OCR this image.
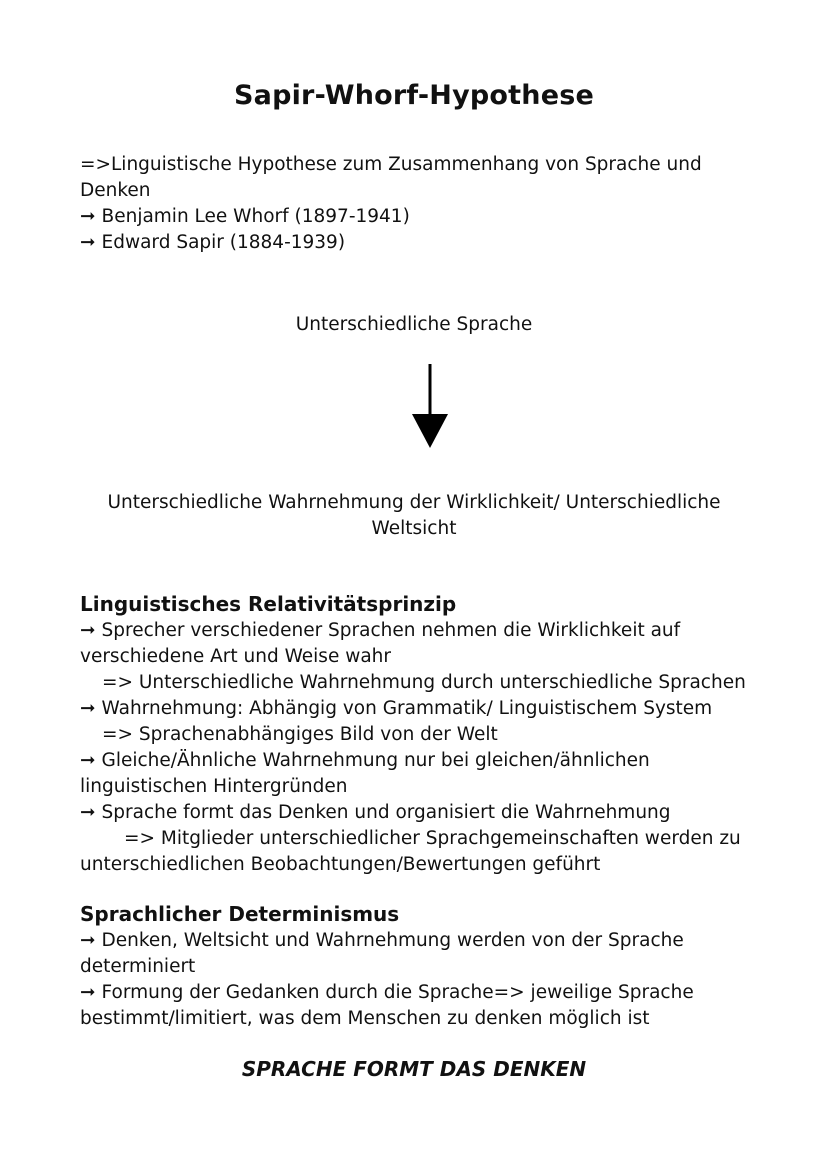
Sapir-Whorf-Hypothese
=>Linguistische Hypothese zum Zusammenhang von Sprache und Denken
➞ Benjamin Lee Whorf (1897-1941)
➞ Edward Sapir (1884-1939)
Unterschiedliche Sprache
Unterschiedliche Wahrnehmung der Wirklichkeit/ Unterschiedliche Weltsicht
Linguistisches Relativitätsprinzip
➞ Sprecher verschiedener Sprachen nehmen die Wirklichkeit auf verschiedene Art und Weise wahr
=> Unterschiedliche Wahrnehmung durch unterschiedliche Sprachen
➞ Wahrnehmung: Abhängig von Grammatik/ Linguistischem System
=> Sprachenabhängiges Bild von der Welt
➞ Gleiche/Ähnliche Wahrnehmung nur bei gleichen/ähnlichen linguistischen Hintergründen
➞ Sprache formt das Denken und organisiert die Wahrnehmung
=> Mitglieder unterschiedlicher Sprachgemeinschaften werden zu unterschiedlichen Beobachtungen/Bewertungen geführt
Sprachlicher Determinismus
➞ Denken, Weltsicht und Wahrnehmung werden von der Sprache determiniert
➞ Formung der Gedanken durch die Sprache=> jeweilige Sprache bestimmt/limitiert, was dem Menschen zu denken möglich ist
SPRACHE FORMT DAS DENKEN
